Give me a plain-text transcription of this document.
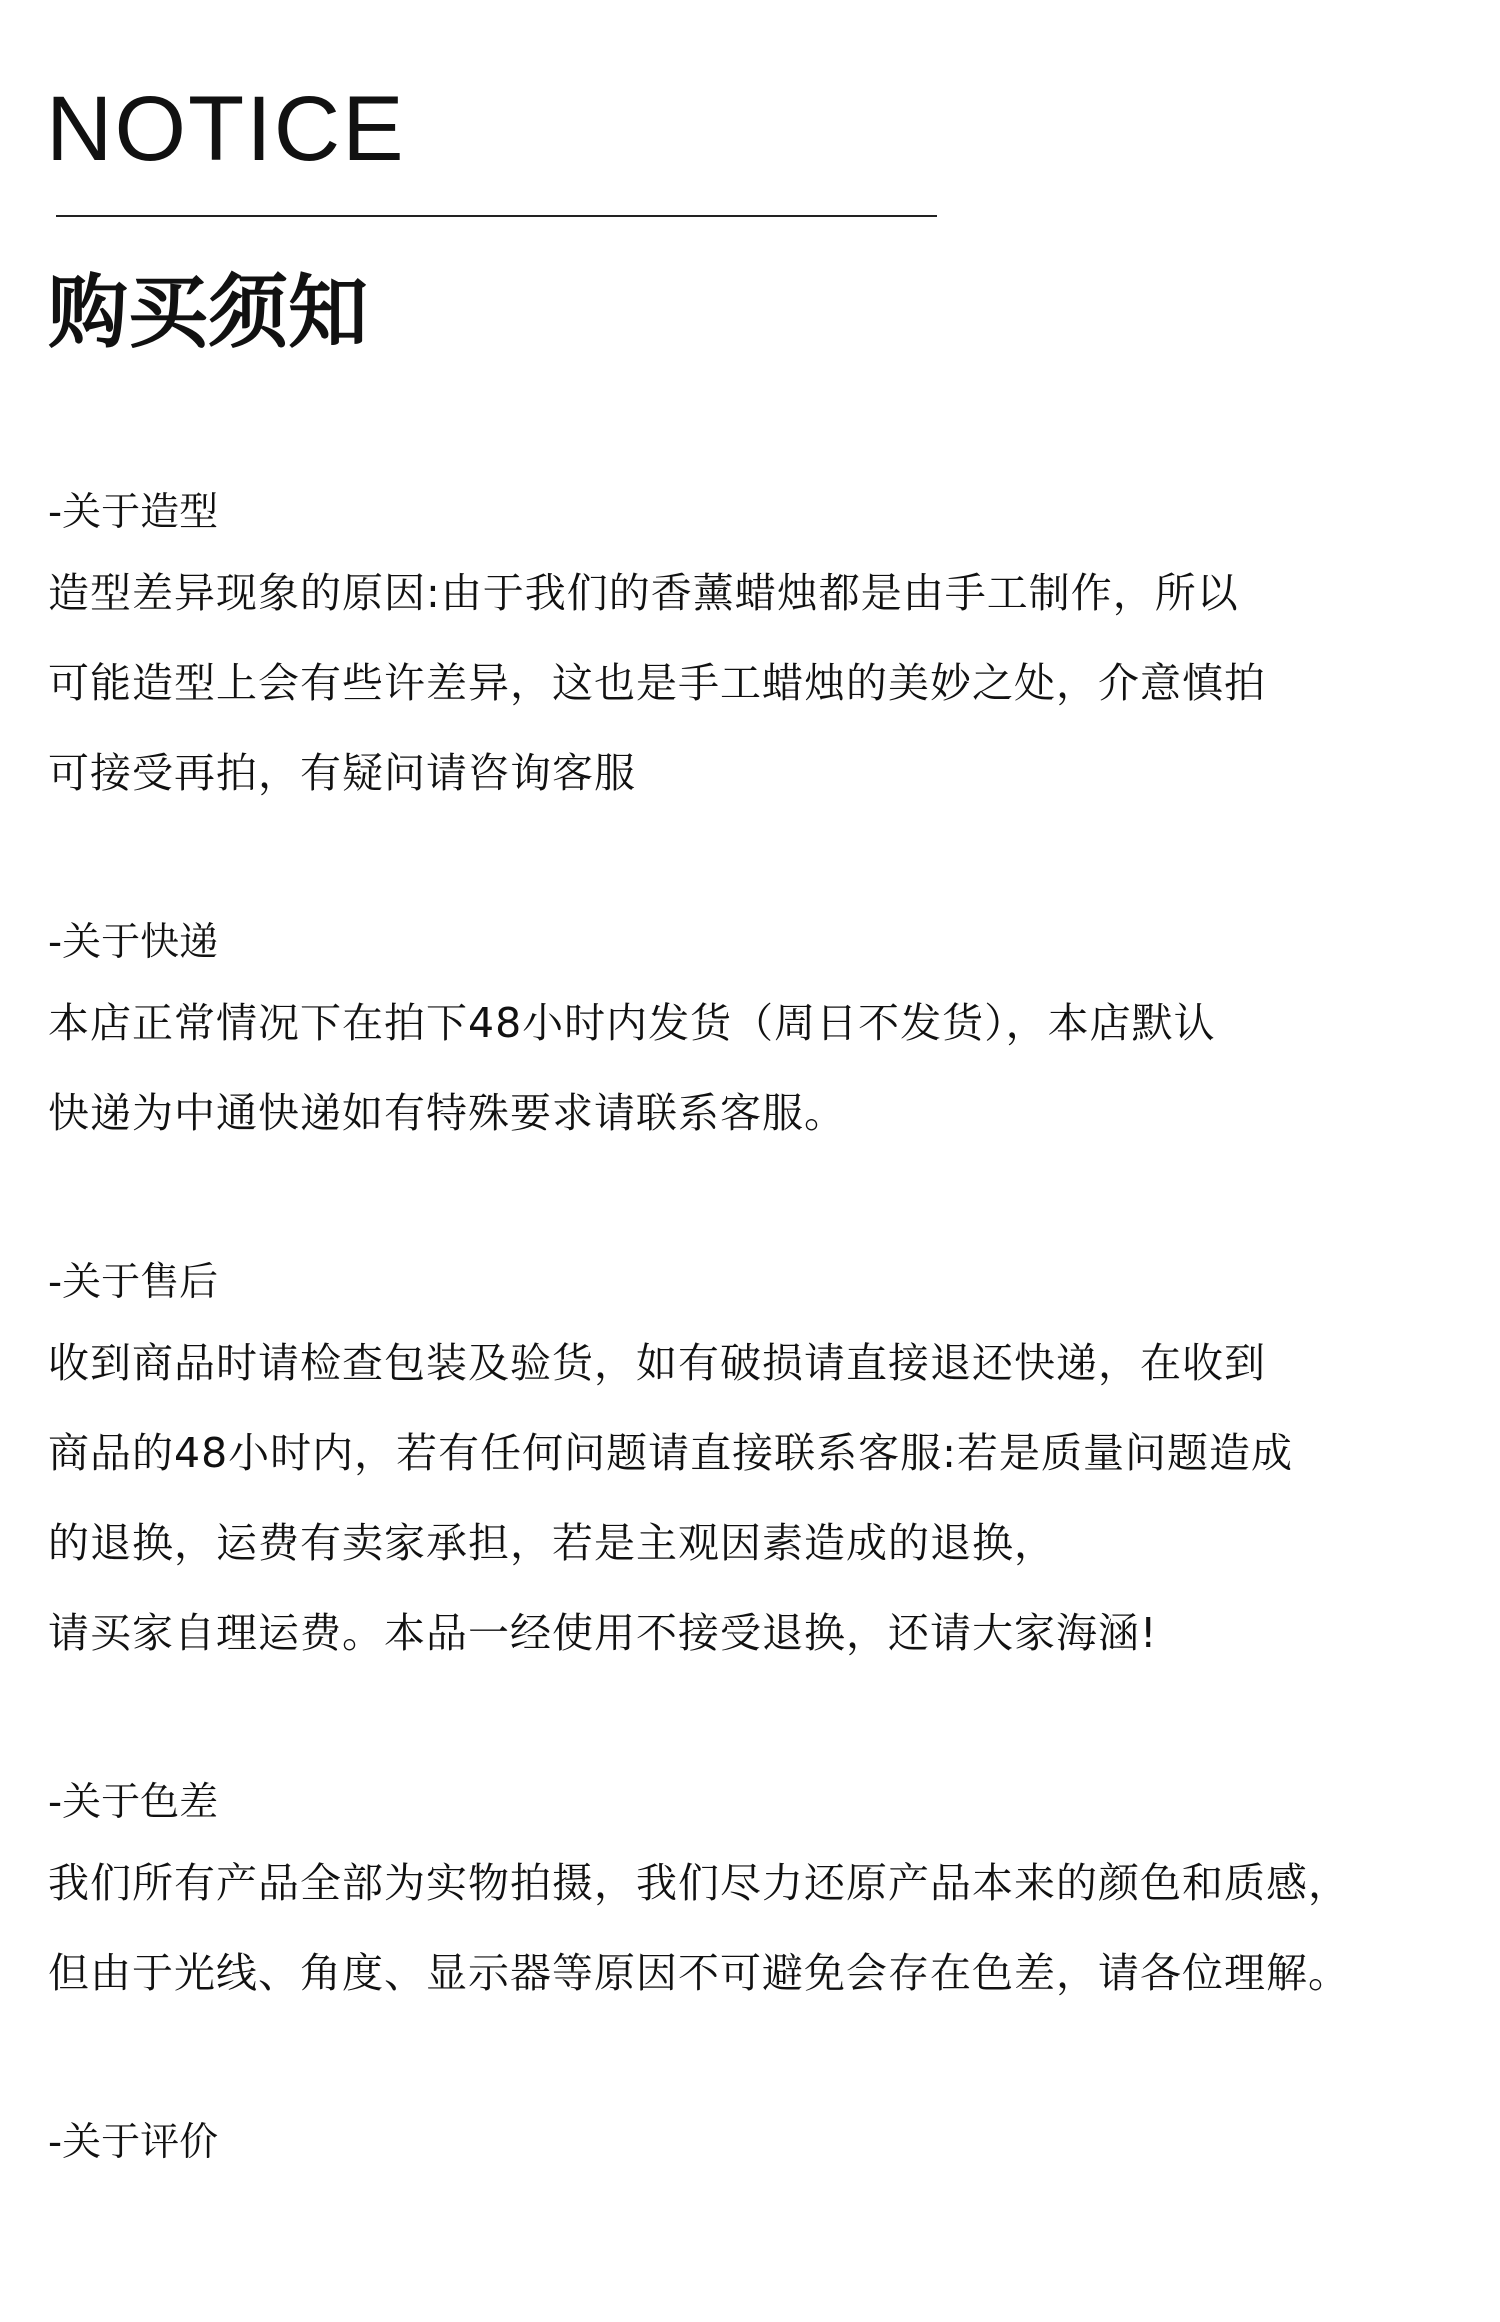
NOTICE
购买须知
-关于造型
造型差异现象的原因:由于我们的香薰蜡烛都是由手工制作，所以
可能造型上会有些许差异，这也是手工蜡烛的美妙之处，介意慎拍
可接受再拍，有疑问请咨询客服
-关于快递
本店正常情况下在拍下48小时内发货（周日不发货），本店默认
快递为中通快递如有特殊要求请联系客服。
-关于售后
收到商品时请检查包装及验货，如有破损请直接退还快递，在收到
商品的48小时内，若有任何问题请直接联系客服:若是质量问题造成
的退换，运费有卖家承担，若是主观因素造成的退换，
请买家自理运费。本品一经使用不接受退换，还请大家海涵!
-关于色差
我们所有产品全部为实物拍摄，我们尽力还原产品本来的颜色和质感，
但由于光线、角度、显示器等原因不可避免会存在色差，请各位理解。
-关于评价
